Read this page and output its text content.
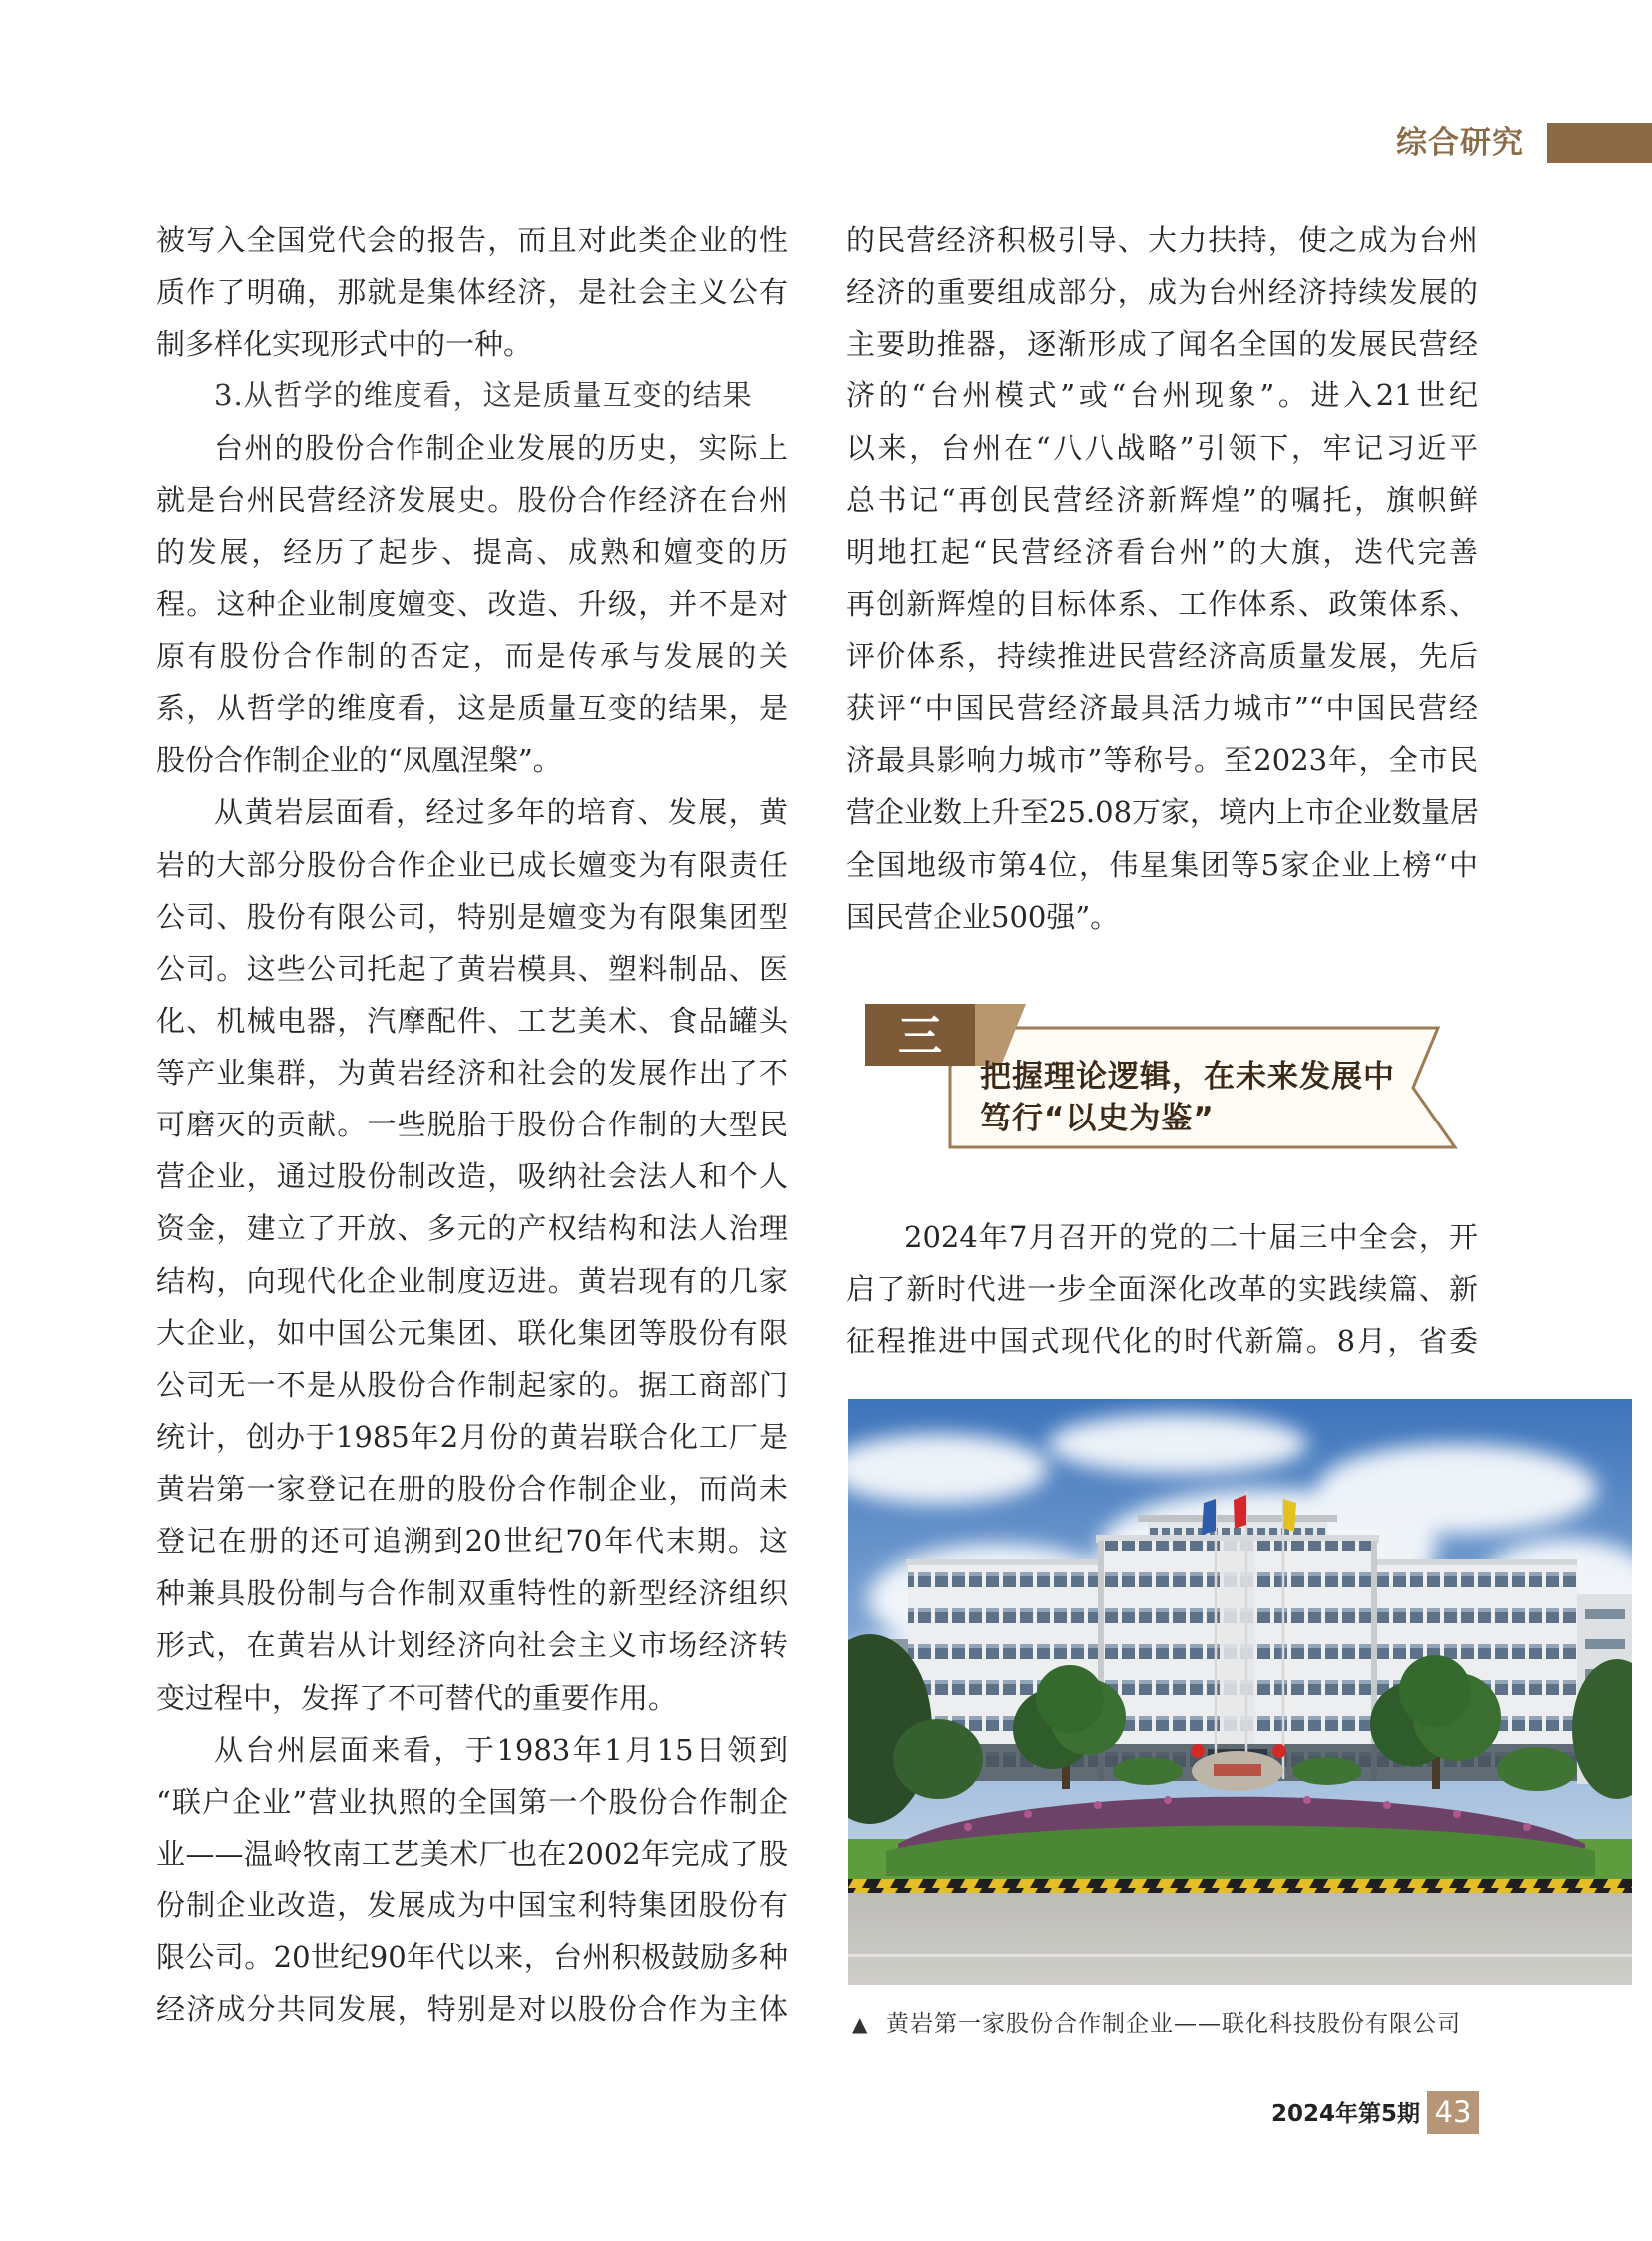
综合研究
被写入全国党代会的报告，而且对此类企业的性
质作了明确，那就是集体经济，是社会主义公有
制多样化实现形式中的一种。
3.从哲学的维度看，这是质量互变的结果
台州的股份合作制企业发展的历史，实际上
就是台州民营经济发展史。股份合作经济在台州
的发展，经历了起步、提高、成熟和嬗变的历
程。这种企业制度嬗变、改造、升级，并不是对
原有股份合作制的否定，而是传承与发展的关
系，从哲学的维度看，这是质量互变的结果，是
股份合作制企业的“凤凰涅槃”。
从黄岩层面看，经过多年的培育、发展，黄
岩的大部分股份合作企业已成长嬗变为有限责任
公司、股份有限公司，特别是嬗变为有限集团型
公司。这些公司托起了黄岩模具、塑料制品、医
化、机械电器，汽摩配件、工艺美术、食品罐头
等产业集群，为黄岩经济和社会的发展作出了不
可磨灭的贡献。一些脱胎于股份合作制的大型民
营企业，通过股份制改造，吸纳社会法人和个人
资金，建立了开放、多元的产权结构和法人治理
结构，向现代化企业制度迈进。黄岩现有的几家
大企业，如中国公元集团、联化集团等股份有限
公司无一不是从股份合作制起家的。据工商部门
统计，创办于1985年2月份的黄岩联合化工厂是
黄岩第一家登记在册的股份合作制企业，而尚未
登记在册的还可追溯到20世纪70年代末期。这
种兼具股份制与合作制双重特性的新型经济组织
形式，在黄岩从计划经济向社会主义市场经济转
变过程中，发挥了不可替代的重要作用。
从台州层面来看，于1983年1月15日领到
“联户企业”营业执照的全国第一个股份合作制企
业——温岭牧南工艺美术厂也在2002年完成了股
份制企业改造，发展成为中国宝利特集团股份有
限公司。20世纪90年代以来，台州积极鼓励多种
经济成分共同发展，特别是对以股份合作为主体
的民营经济积极引导、大力扶持，使之成为台州
经济的重要组成部分，成为台州经济持续发展的
主要助推器，逐渐形成了闻名全国的发展民营经
济的“台州模式”或“台州现象”。进入21世纪
以来，台州在“八八战略”引领下，牢记习近平
总书记“再创民营经济新辉煌”的嘱托，旗帜鲜
明地扛起“民营经济看台州”的大旗，迭代完善
再创新辉煌的目标体系、工作体系、政策体系、
评价体系，持续推进民营经济高质量发展，先后
获评“中国民营经济最具活力城市”“中国民营经
济最具影响力城市”等称号。至2023年，全市民
营企业数上升至25.08万家，境内上市企业数量居
全国地级市第4位，伟星集团等5家企业上榜“中
国民营企业500强”。
三
把握理论逻辑，在未来发展中
笃行“以史为鉴”
2024年7月召开的党的二十届三中全会，开
启了新时代进一步全面深化改革的实践续篇、新
征程推进中国式现代化的时代新篇。8月，省委
▲ 黄岩第一家股份合作制企业——联化科技股份有限公司
2024年第5期 43
